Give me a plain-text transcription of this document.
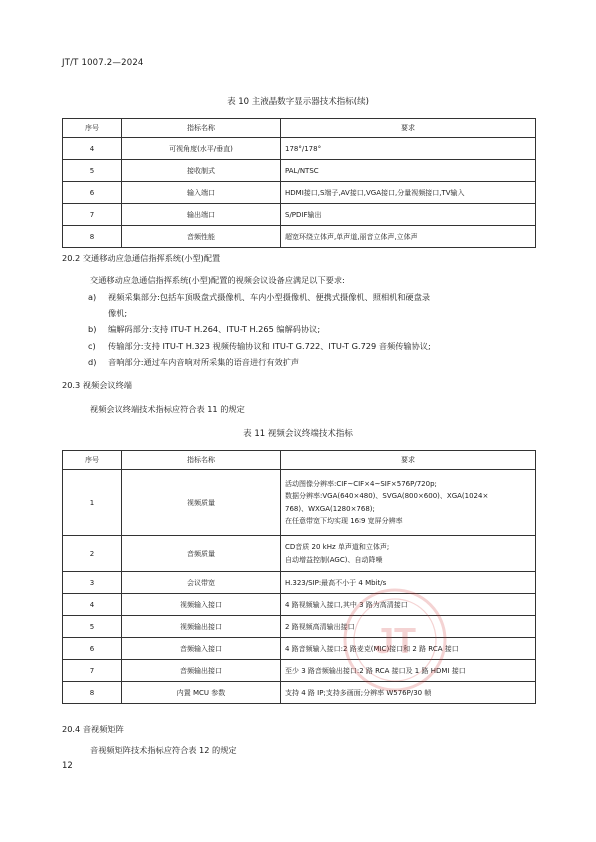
JT/T 1007.2—2024
表 10 主液晶数字显示器技术指标(续)
序号	指标名称	要求
4	可视角度(水平/垂直)	178°/178°
5	接收制式	PAL/NTSC
6	输入端口	HDMI接口,S端子,AV接口,VGA接口,分量视频接口,TV输入
7	输出端口	S/PDIF输出
8	音频性能	超宽环绕立体声,单声道,丽音立体声,立体声
20.2 交通移动应急通信指挥系统(小型)配置
交通移动应急通信指挥系统(小型)配置的视频会议设备应满足以下要求:
a) 视频采集部分:包括车顶吸盘式摄像机、车内小型摄像机、便携式摄像机、照相机和硬盘录
像机;
b) 编解码部分:支持 ITU-T H.264、ITU-T H.265 编解码协议;
c) 传输部分:支持 ITU-T H.323 视频传输协议和 ITU-T G.722、ITU-T G.729 音频传输协议;
d) 音响部分:通过车内音响对所采集的语音进行有效扩声
20.3 视频会议终端
视频会议终端技术指标应符合表 11 的规定
表 11 视频会议终端技术指标
序号	指标名称	要求
1	视频质量	活动图像分辨率:CIF~CIF×4~SIF×576P/720p;
数据分辨率:VGA(640×480)、SVGA(800×600)、XGA(1024×
768)、WXGA(1280×768);
在任意带宽下均实现 16∶9 宽屏分辨率

2	音频质量	CD音质 20 kHz 单声道和立体声;
自动增益控制(AGC)、自动降噪

3	会议带宽	H.323/SIP:最高不小于 4 Mbit/s
4	视频输入接口	4 路视频输入接口,其中 3 路为高清接口
5	视频输出接口	2 路视频高清输出接口
6	音频输入接口	4 路音频输入接口:2 路麦克(MIC)接口和 2 路 RCA 接口
7	音频输出接口	至少 3 路音频输出接口:2 路 RCA 接口及 1 路 HDMI 接口
8	内置 MCU 参数	支持 4 路 IP;支持多画面;分辨率 W576P/30 帧
20.4 音视频矩阵
音视频矩阵技术指标应符合表 12 的规定
12
JT
